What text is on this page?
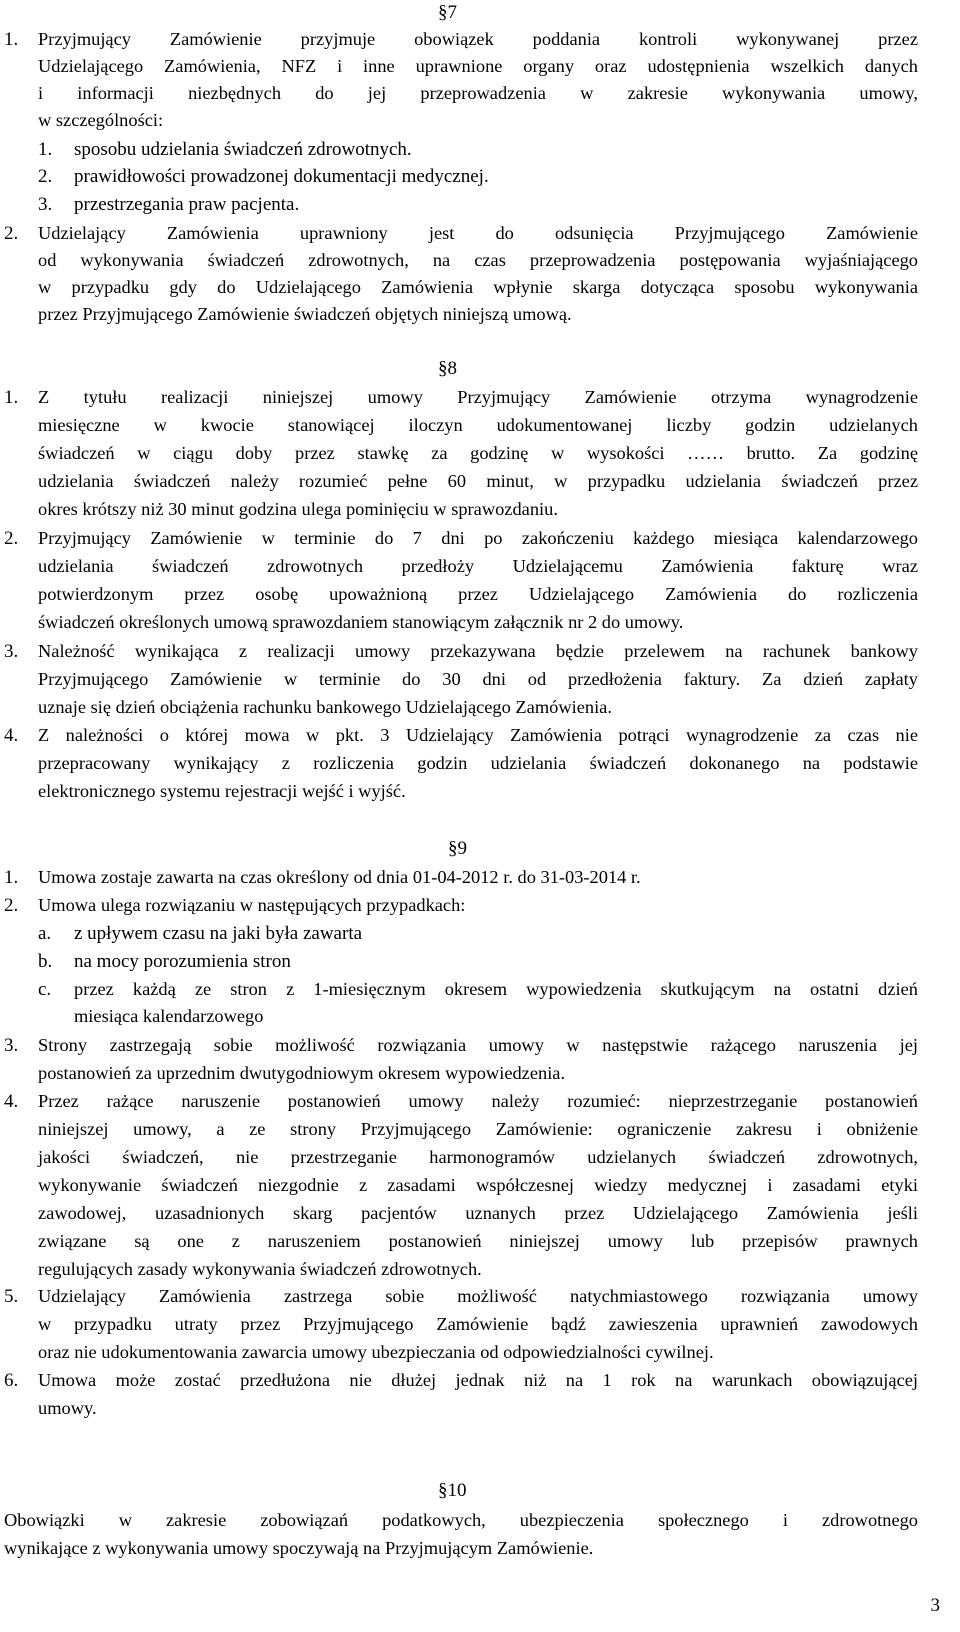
§7
1. Przyjmujący Zamówienie przyjmuje obowiązek poddania kontroli wykonywanej przez
Udzielającego Zamówienia, NFZ i inne uprawnione organy oraz udostępnienia wszelkich danych
i informacji niezbędnych do jej przeprowadzenia w zakresie wykonywania umowy,
w szczególności:
1. sposobu udzielania świadczeń zdrowotnych.
2. prawidłowości prowadzonej dokumentacji medycznej.
3. przestrzegania praw pacjenta.
2. Udzielający Zamówienia uprawniony jest do odsunięcia Przyjmującego Zamówienie
od wykonywania świadczeń zdrowotnych, na czas przeprowadzenia postępowania wyjaśniającego
w przypadku gdy do Udzielającego Zamówienia wpłynie skarga dotycząca sposobu wykonywania
przez Przyjmującego Zamówienie świadczeń objętych niniejszą umową.
§8
1. Z tytułu realizacji niniejszej umowy Przyjmujący Zamówienie otrzyma wynagrodzenie
miesięczne w kwocie stanowiącej iloczyn udokumentowanej liczby godzin udzielanych
świadczeń w ciągu doby przez stawkę za godzinę w wysokości …… brutto. Za godzinę
udzielania świadczeń należy rozumieć pełne 60 minut, w przypadku udzielania świadczeń przez
okres krótszy niż 30 minut godzina ulega pominięciu w sprawozdaniu.
2. Przyjmujący Zamówienie w terminie do 7 dni po zakończeniu każdego miesiąca kalendarzowego
udzielania świadczeń zdrowotnych przedłoży Udzielającemu Zamówienia fakturę wraz
potwierdzonym przez osobę upoważnioną przez Udzielającego Zamówienia do rozliczenia
świadczeń określonych umową sprawozdaniem stanowiącym załącznik nr 2 do umowy.
3. Należność wynikająca z realizacji umowy przekazywana będzie przelewem na rachunek bankowy
Przyjmującego Zamówienie w terminie do 30 dni od przedłożenia faktury. Za dzień zapłaty
uznaje się dzień obciążenia rachunku bankowego Udzielającego Zamówienia.
4. Z należności o której mowa w pkt. 3 Udzielający Zamówienia potrąci wynagrodzenie za czas nie
przepracowany wynikający z rozliczenia godzin udzielania świadczeń dokonanego na podstawie
elektronicznego systemu rejestracji wejść i wyjść.
§9
1. Umowa zostaje zawarta na czas określony od dnia 01-04-2012 r. do 31-03-2014 r.
2. Umowa ulega rozwiązaniu w następujących przypadkach:
a. z upływem czasu na jaki była zawarta
b. na mocy porozumienia stron
c. przez każdą ze stron z 1-miesięcznym okresem wypowiedzenia skutkującym na ostatni dzień
miesiąca kalendarzowego
3. Strony zastrzegają sobie możliwość rozwiązania umowy w następstwie rażącego naruszenia jej
postanowień za uprzednim dwutygodniowym okresem wypowiedzenia.
4. Przez rażące naruszenie postanowień umowy należy rozumieć: nieprzestrzeganie postanowień
niniejszej umowy, a ze strony Przyjmującego Zamówienie: ograniczenie zakresu i obniżenie
jakości świadczeń, nie przestrzeganie harmonogramów udzielanych świadczeń zdrowotnych,
wykonywanie świadczeń niezgodnie z zasadami współczesnej wiedzy medycznej i zasadami etyki
zawodowej, uzasadnionych skarg pacjentów uznanych przez Udzielającego Zamówienia jeśli
związane są one z naruszeniem postanowień niniejszej umowy lub przepisów prawnych
regulujących zasady wykonywania świadczeń zdrowotnych.
5. Udzielający Zamówienia zastrzega sobie możliwość natychmiastowego rozwiązania umowy
w przypadku utraty przez Przyjmującego Zamówienie bądź zawieszenia uprawnień zawodowych
oraz nie udokumentowania zawarcia umowy ubezpieczania od odpowiedzialności cywilnej.
6. Umowa może zostać przedłużona nie dłużej jednak niż na 1 rok na warunkach obowiązującej
umowy.
§10
Obowiązki w zakresie zobowiązań podatkowych, ubezpieczenia społecznego i zdrowotnego
wynikające z wykonywania umowy spoczywają na Przyjmującym Zamówienie.
3
